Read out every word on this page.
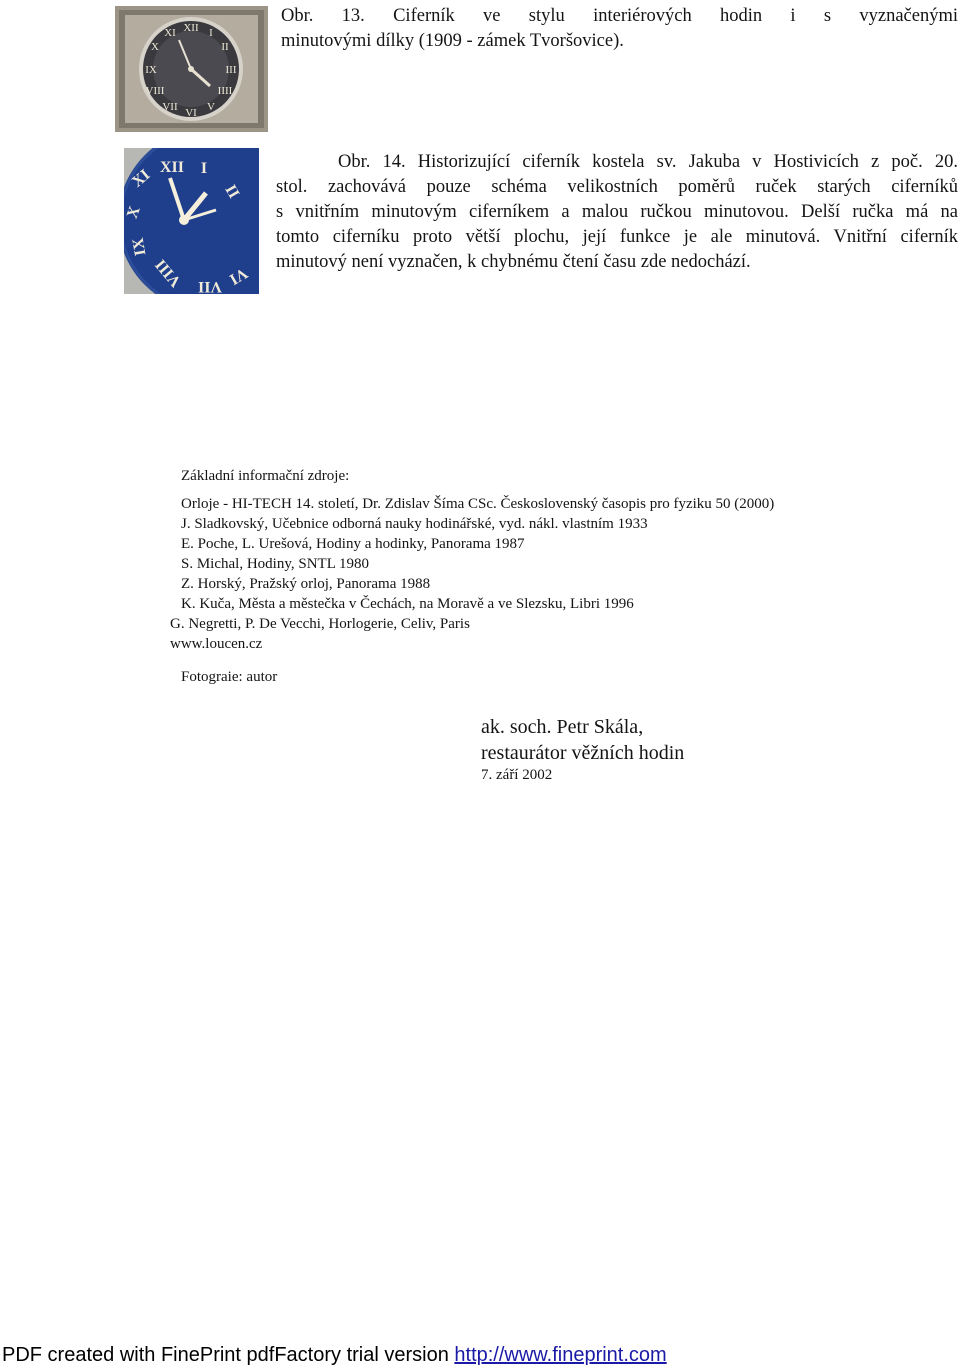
XII I
II
III
IIII
V
VI
VII
VIII
IX
X
XI
Obr. 13. Ciferník ve stylu interiérových hodin i s vyznačenými
minutovými dílky (1909 - zámek Tvoršovice).
XII I
II
XI
X
IX
VIII VII VI
Obr. 14. Historizující ciferník kostela sv. Jakuba v Hostivicích z poč. 20.
stol. zachovává pouze schéma velikostních poměrů ruček starých ciferníků
s vnitřním minutovým ciferníkem a malou ručkou minutovou. Delší ručka má na
tomto ciferníku proto větší plochu, její funkce je ale minutová. Vnitřní ciferník
minutový není vyznačen, k chybnému čtení času zde nedochází.
Základní informační zdroje:
Orloje - HI-TECH 14. století, Dr. Zdislav Šíma CSc. Československý časopis pro fyziku 50 (2000)
J. Sladkovský, Učebnice odborná nauky hodinářské, vyd. nákl. vlastním 1933
E. Poche, L. Urešová, Hodiny a hodinky, Panorama 1987
S. Michal, Hodiny, SNTL 1980
Z. Horský, Pražský orloj, Panorama 1988
K. Kuča, Města a městečka v Čechách, na Moravě a ve Slezsku, Libri 1996
G. Negretti, P. De Vecchi, Horlogerie, Celiv, Paris
www.loucen.cz
Fotograie: autor
ak. soch. Petr Skála,
restaurátor věžních hodin
7. září 2002
PDF created with FinePrint pdfFactory trial version http://www.fineprint.com
